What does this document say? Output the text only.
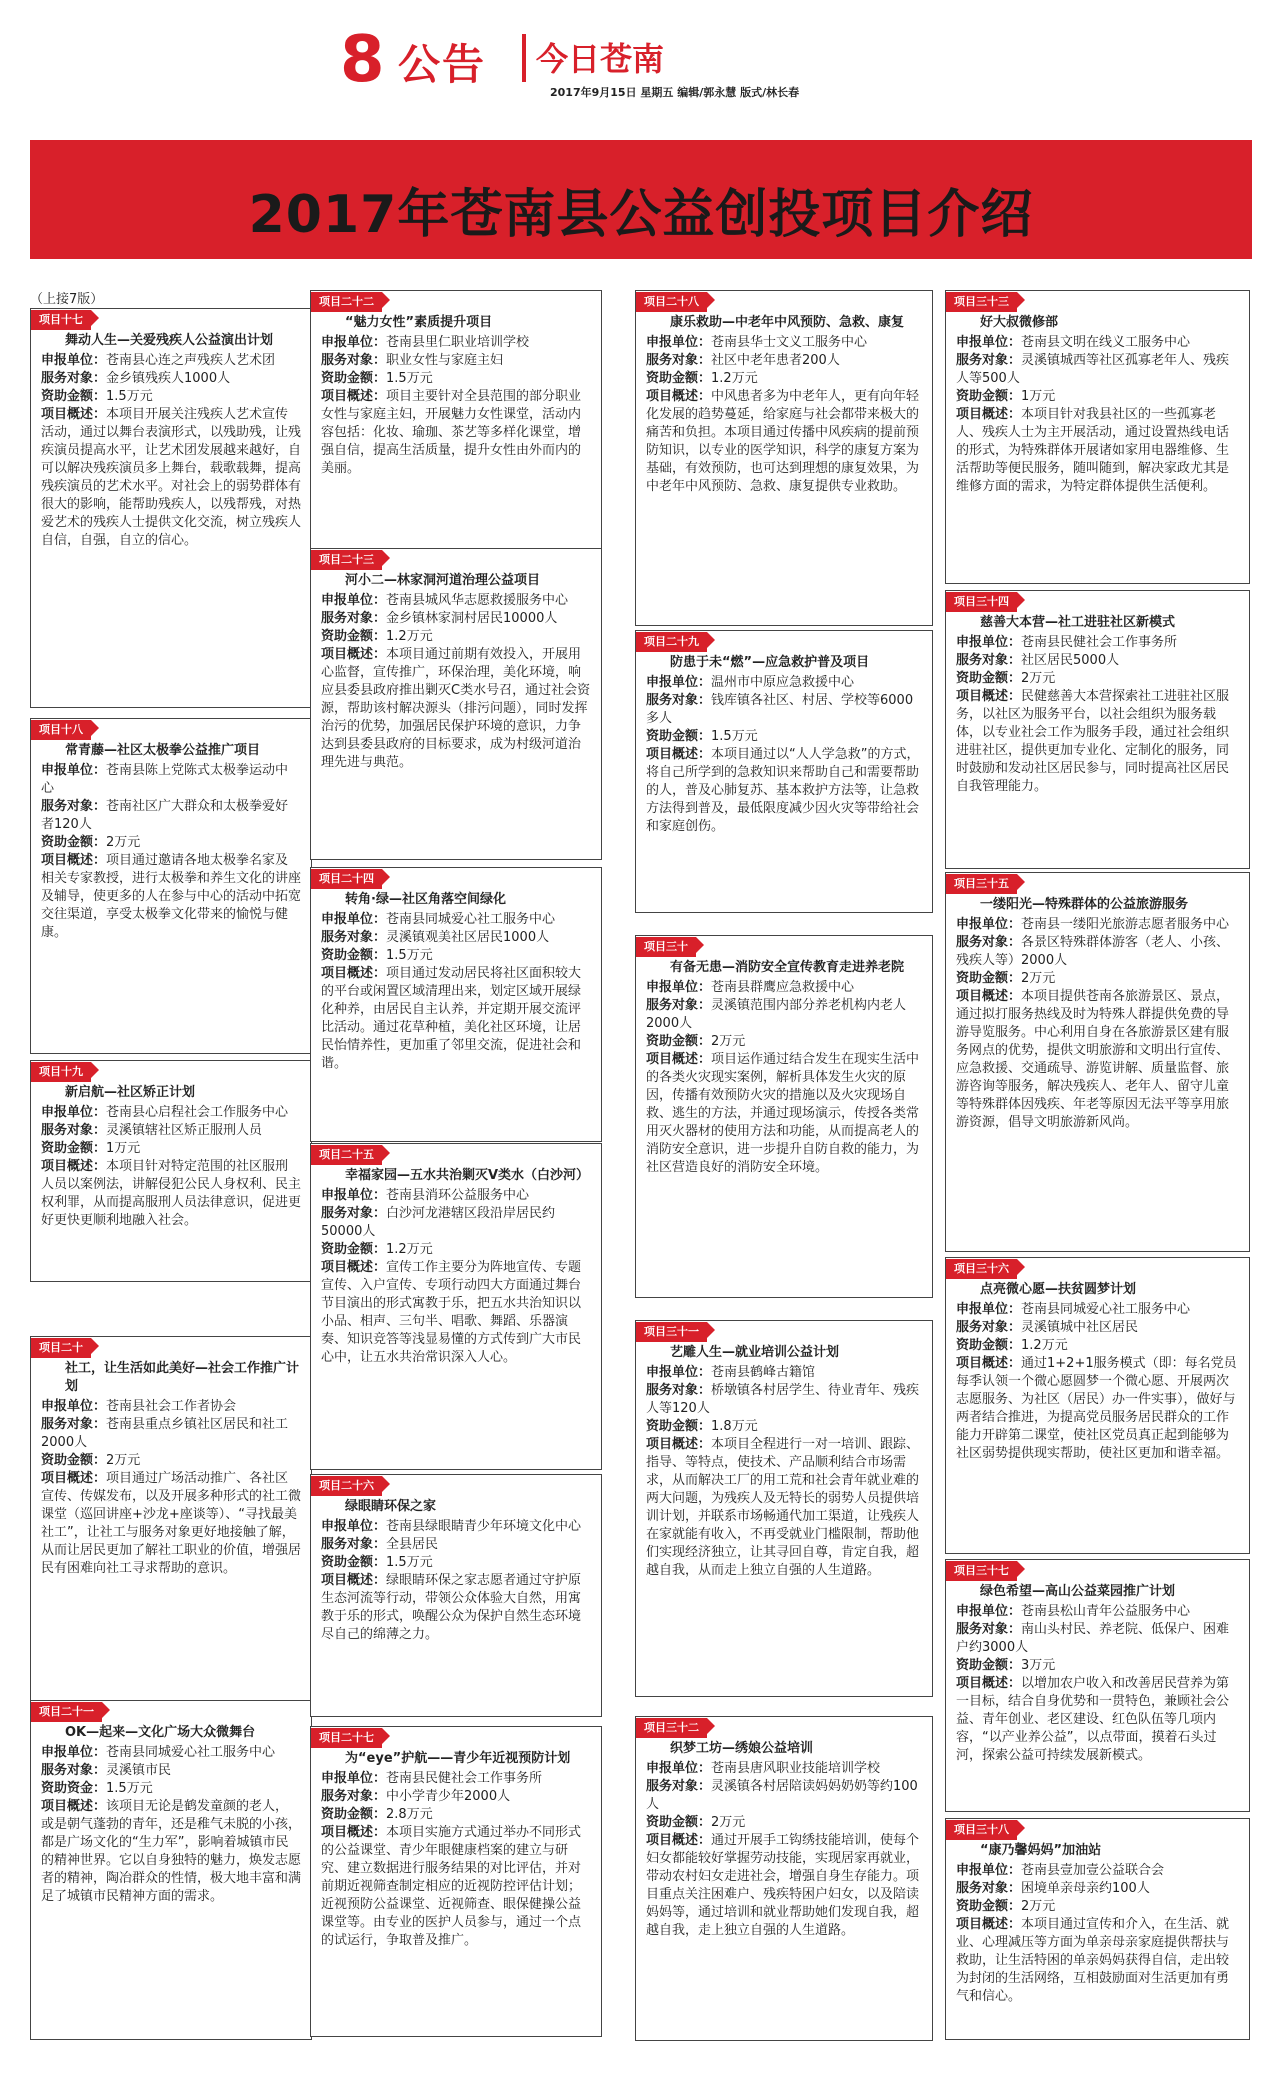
8 公告 今日苍南
2017年9月15日 星期五 编辑/郭永慧 版式/林长春
2017年苍南县公益创投项目介绍
（上接7版）
项目十七
舞动人生—关爱残疾人公益演出计划

申报单位：苍南县心连之声残疾人艺术团

服务对象：金乡镇残疾人1000人

资助金额：1.5万元

项目概述：本项目开展关注残疾人艺术宣传活动，通过以舞台表演形式，以残助残，让残疾演员提高水平，让艺术团发展越来越好，自可以解决残疾演员多上舞台，载歌载舞，提高残疾演员的艺术水平。对社会上的弱势群体有很大的影响，能帮助残疾人，以残帮残，对热爱艺术的残疾人士提供文化交流，树立残疾人自信，自强，自立的信心。

项目十八
常青藤—社区太极拳公益推广项目

申报单位：苍南县陈上党陈式太极拳运动中心

服务对象：苍南社区广大群众和太极拳爱好者120人

资助金额：2万元

项目概述：项目通过邀请各地太极拳名家及相关专家教授，进行太极拳和养生文化的讲座及辅导，使更多的人在参与中心的活动中拓宽交往渠道，享受太极拳文化带来的愉悦与健康。

项目十九
新启航—社区矫正计划

申报单位：苍南县心启程社会工作服务中心

服务对象：灵溪镇辖社区矫正服刑人员

资助金额：1万元

项目概述：本项目针对特定范围的社区服刑人员以案例法，讲解侵犯公民人身权利、民主权利罪，从而提高服刑人员法律意识，促进更好更快更顺利地融入社会。

项目二十
社工，让生活如此美好—社会工作推广计划

申报单位：苍南县社会工作者协会

服务对象：苍南县重点乡镇社区居民和社工2000人

资助金额：2万元

项目概述：项目通过广场活动推广、各社区宣传、传媒发布，以及开展多种形式的社工微课堂（巡回讲座+沙龙+座谈等）、“寻找最美社工”，让社工与服务对象更好地接触了解，从而让居民更加了解社工职业的价值，增强居民有困难向社工寻求帮助的意识。

项目二十一
OK—起来—文化广场大众微舞台

申报单位：苍南县同城爱心社工服务中心

服务对象：灵溪镇市民

资助资金：1.5万元

项目概述：该项目无论是鹤发童颜的老人，或是朝气蓬勃的青年，还是稚气未脱的小孩，都是广场文化的“生力军”，影响着城镇市民的精神世界。它以自身独特的魅力，焕发志愿者的精神，陶冶群众的性情，极大地丰富和满足了城镇市民精神方面的需求。

项目二十二
“魅力女性”素质提升项目

申报单位：苍南县里仁职业培训学校

服务对象：职业女性与家庭主妇

资助金额：1.5万元

项目概述：项目主要针对全县范围的部分职业女性与家庭主妇，开展魅力女性课堂，活动内容包括：化妆、瑜珈、茶艺等多样化课堂，增强自信，提高生活质量，提升女性由外而内的美丽。

项目二十三
河小二—林家洞河道治理公益项目

申报单位：苍南县城风华志愿救援服务中心

服务对象：金乡镇林家洞村居民10000人

资助金额：1.2万元

项目概述：本项目通过前期有效投入，开展用心监督，宣传推广，环保治理，美化环境，响应县委县政府推出剿灭C类水号召，通过社会资源，帮助该村解决源头（排污问题），同时发挥治污的优势，加强居民保护环境的意识，力争达到县委县政府的目标要求，成为村级河道治理先进与典范。

项目二十四
转角·绿—社区角落空间绿化

申报单位：苍南县同城爱心社工服务中心

服务对象：灵溪镇观美社区居民1000人

资助金额：1.5万元

项目概述：项目通过发动居民将社区面积较大的平台或闲置区域清理出来，划定区域开展绿化种养，由居民自主认养，并定期开展交流评比活动。通过花草种植，美化社区环境，让居民怡情养性，更加重了邻里交流，促进社会和谐。

项目二十五
幸福家园—五水共治剿灭V类水（白沙河）

申报单位：苍南县消环公益服务中心

服务对象：白沙河龙港辖区段沿岸居民约50000人

资助金额：1.2万元

项目概述：宣传工作主要分为阵地宣传、专题宣传、入户宣传、专项行动四大方面通过舞台节目演出的形式寓教于乐，把五水共治知识以小品、相声、三句半、唱歌、舞蹈、乐器演奏、知识竞答等浅显易懂的方式传到广大市民心中，让五水共治常识深入人心。

项目二十六
绿眼睛环保之家

申报单位：苍南县绿眼睛青少年环境文化中心

服务对象：全县居民

资助金额：1.5万元

项目概述：绿眼睛环保之家志愿者通过守护原生态河流等行动，带领公众体验大自然，用寓教于乐的形式，唤醒公众为保护自然生态环境尽自己的绵薄之力。

项目二十七
为“eye”护航——青少年近视预防计划

申报单位：苍南县民健社会工作事务所

服务对象：中小学青少年2000人

资助金额：2.8万元

项目概述：本项目实施方式通过举办不同形式的公益课堂、青少年眼健康档案的建立与研究、建立数据进行服务结果的对比评估，并对前期近视筛查制定相应的近视防控评估计划；近视预防公益课堂、近视筛查、眼保健操公益课堂等。由专业的医护人员参与，通过一个点的试运行，争取普及推广。

项目二十八
康乐救助—中老年中风预防、急救、康复

申报单位：苍南县华士文义工服务中心

服务对象：社区中老年患者200人

资助金额：1.2万元

项目概述：中风患者多为中老年人，更有向年轻化发展的趋势蔓延，给家庭与社会都带来极大的痛苦和负担。本项目通过传播中风疾病的提前预防知识，以专业的医学知识，科学的康复方案为基础，有效预防，也可达到理想的康复效果，为中老年中风预防、急救、康复提供专业救助。

项目二十九
防患于未“燃”—应急救护普及项目

申报单位：温州市中原应急救援中心

服务对象：钱库镇各社区、村居、学校等6000多人

资助金额：1.5万元

项目概述：本项目通过以“人人学急救”的方式，将自己所学到的急救知识来帮助自己和需要帮助的人，普及心肺复苏、基本救护方法等，让急救方法得到普及，最低限度减少因火灾等带给社会和家庭创伤。

项目三十
有备无患—消防安全宣传教育走进养老院

申报单位：苍南县群鹰应急救援中心

服务对象：灵溪镇范围内部分养老机构内老人2000人

资助金额：2万元

项目概述：项目运作通过结合发生在现实生活中的各类火灾现实案例，解析具体发生火灾的原因，传播有效预防火灾的措施以及火灾现场自救、逃生的方法，并通过现场演示，传授各类常用灭火器材的使用方法和功能，从而提高老人的消防安全意识，进一步提升自防自救的能力，为社区营造良好的消防安全环境。

项目三十一
艺雕人生—就业培训公益计划

申报单位：苍南县鹤峰古籍馆

服务对象：桥墩镇各村居学生、待业青年、残疾人等120人

资助金额：1.8万元

项目概述：本项目全程进行一对一培训、跟踪、指导、等特点，使技术、产品顺利结合市场需求，从而解决工厂的用工荒和社会青年就业难的两大问题，为残疾人及无特长的弱势人员提供培训计划，并联系市场畅通代加工渠道，让残疾人在家就能有收入，不再受就业门槛限制，帮助他们实现经济独立，让其寻回自尊，肯定自我，超越自我，从而走上独立自强的人生道路。

项目三十二
织梦工坊—绣娘公益培训

申报单位：苍南县唐风职业技能培训学校

服务对象：灵溪镇各村居陪读妈妈奶奶等约100人

资助金额：2万元

项目概述：通过开展手工钩绣技能培训，使每个妇女都能较好掌握劳动技能，实现居家再就业，带动农村妇女走进社会，增强自身生存能力。项目重点关注困难户、残疾特困户妇女，以及陪读妈妈等，通过培训和就业帮助她们发现自我，超越自我，走上独立自强的人生道路。

项目三十三
好大叔微修部

申报单位：苍南县文明在线义工服务中心

服务对象：灵溪镇城西等社区孤寡老年人、残疾人等500人

资助金额：1万元

项目概述：本项目针对我县社区的一些孤寡老人、残疾人士为主开展活动，通过设置热线电话的形式，为特殊群体开展诸如家用电器维修、生活帮助等便民服务，随叫随到，解决家政尤其是维修方面的需求，为特定群体提供生活便利。

项目三十四
慈善大本营—社工进驻社区新模式

申报单位：苍南县民健社会工作事务所

服务对象：社区居民5000人

资助金额：2万元

项目概述：民健慈善大本营探索社工进驻社区服务，以社区为服务平台，以社会组织为服务载体，以专业社会工作为服务手段，通过社会组织进驻社区，提供更加专业化、定制化的服务，同时鼓励和发动社区居民参与，同时提高社区居民自我管理能力。

项目三十五
一缕阳光—特殊群体的公益旅游服务

申报单位：苍南县一缕阳光旅游志愿者服务中心

服务对象：各景区特殊群体游客（老人、小孩、残疾人等）2000人

资助金额：2万元

项目概述：本项目提供苍南各旅游景区、景点，通过拟打服务热线及时为特殊人群提供免费的导游导览服务。中心利用自身在各旅游景区建有服务网点的优势，提供文明旅游和文明出行宣传、应急救援、交通疏导、游览讲解、质量监督、旅游咨询等服务，解决残疾人、老年人、留守儿童等特殊群体因残疾、年老等原因无法平等享用旅游资源，倡导文明旅游新风尚。

项目三十六
点亮微心愿—扶贫圆梦计划

申报单位：苍南县同城爱心社工服务中心

服务对象：灵溪镇城中社区居民

资助金额：1.2万元

项目概述：通过1+2+1服务模式（即：每名党员每季认领一个微心愿圆梦一个微心愿、开展两次志愿服务、为社区（居民）办一件实事），做好与两者结合推进，为提高党员服务居民群众的工作能力开辟第二课堂，使社区党员真正起到能够为社区弱势提供现实帮助，使社区更加和谐幸福。

项目三十七
绿色希望—高山公益菜园推广计划

申报单位：苍南县松山青年公益服务中心

服务对象：南山头村民、养老院、低保户、困难户约3000人

资助金额：3万元

项目概述：以增加农户收入和改善居民营养为第一目标，结合自身优势和一贯特色，兼顾社会公益、青年创业、老区建设、红色队伍等几项内容，“以产业养公益”，以点带面，摸着石头过河，探索公益可持续发展新模式。

项目三十八
“康乃馨妈妈”加油站

申报单位：苍南县壹加壹公益联合会

服务对象：困境单亲母亲约100人

资助金额：2万元

项目概述：本项目通过宣传和介入，在生活、就业、心理减压等方面为单亲母亲家庭提供帮扶与救助，让生活特困的单亲妈妈获得自信，走出较为封闭的生活网络，互相鼓励面对生活更加有勇气和信心。
